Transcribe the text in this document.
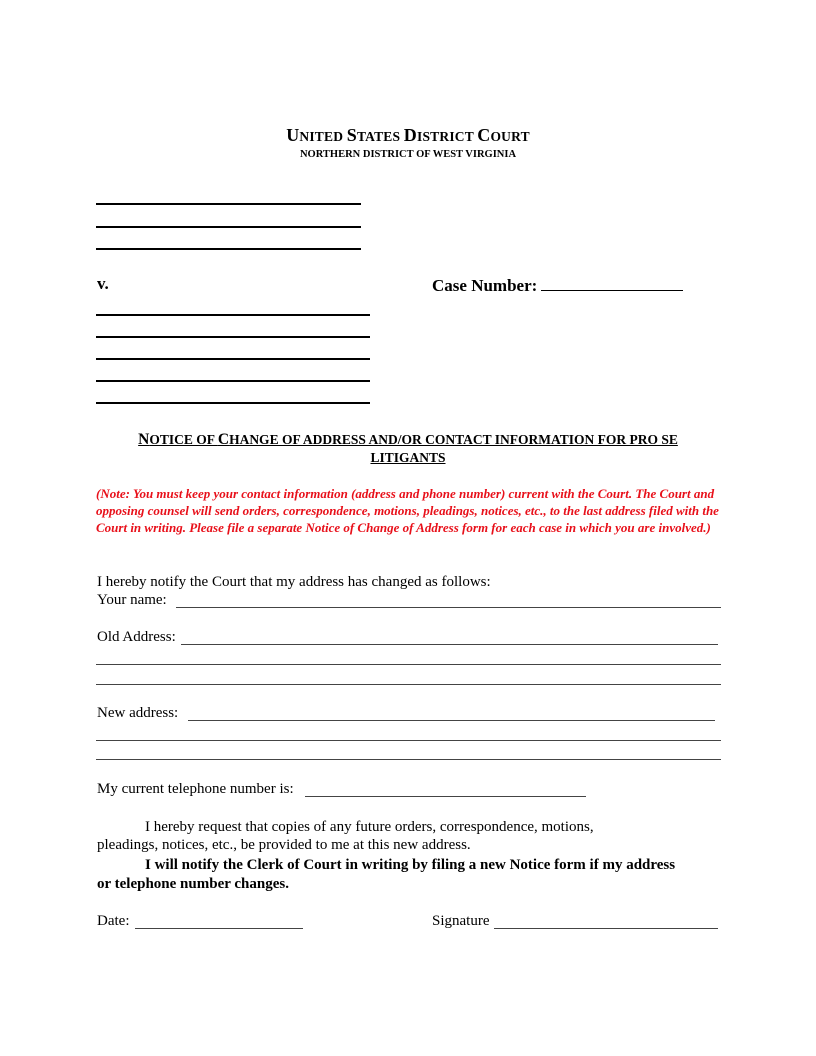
UNITED STATES DISTRICT COURT
NORTHERN DISTRICT OF WEST VIRGINIA
v.	Case Number:
NOTICE OF CHANGE OF ADDRESS AND/OR CONTACT INFORMATION FOR PRO SE
LITIGANTS
(Note: You must keep your contact information (address and phone number) current with the Court. The Court and opposing counsel will send orders, correspondence, motions, pleadings, notices, etc., to the last address filed with the Court in writing. Please file a separate Notice of Change of Address form for each case in which you are involved.)
I hereby notify the Court that my address has changed as follows:
Your name:
Old Address:
New address:
My current telephone number is:
I hereby request that copies of any future orders, correspondence, motions,
pleadings, notices, etc., be provided to me at this new address.
I will notify the Clerk of Court in writing by filing a new Notice form if my address
or telephone number changes.
Date:	Signature
